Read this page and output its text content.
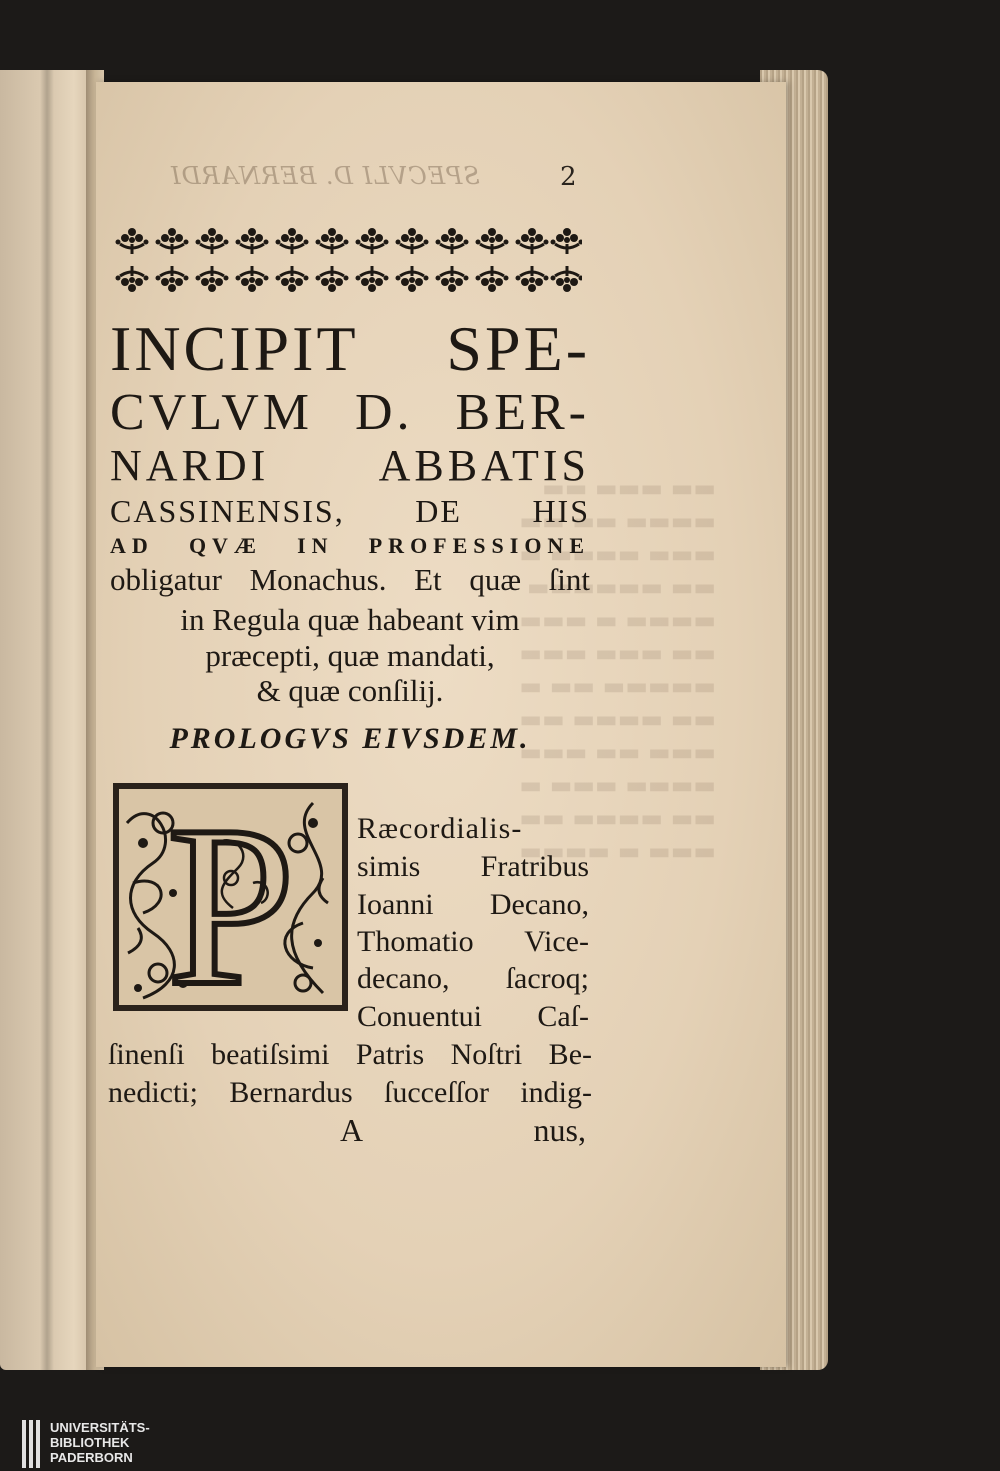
▬▬ ▬▬▬ ▬▬
▬▬▬▬ ▬▬ ▬▬
▬▬▬ ▬▬▬▬ ▬
▬▬ ▬▬▬▬▬▬
▬▬▬▬ ▬ ▬▬▬
▬▬ ▬▬▬ ▬▬▬
▬▬▬▬▬ ▬▬ ▬
▬▬ ▬▬▬▬ ▬▬
▬▬▬ ▬▬ ▬▬▬
▬▬▬▬ ▬▬▬ ▬
▬▬ ▬▬▬▬ ▬▬
▬▬▬ ▬ ▬▬▬▬
SPECVLI D. BERNARDI	2
INCIPIT SPE-
CVLVM D. BER-
NARDI ABBATIS
CASSINENSIS, DE HIS
AD QVÆ IN PROFESSIONE
obligatur Monachus. Et quæ ſint
in Regula quæ habeant vim
præcepti, quæ mandati,
& quæ conſilij.
PROLOGVS EIVSDEM.
P Ræcordialis-
simis Fratribus
Ioanni Decano,
Thomatio Vice-
decano, ſacroq;
Conuentui Caſ-
ſinenſi beatiſsimi Patris Noſtri Be-
nedicti; Bernardus ſucceſſor indig-
A	nus,
UNIVERSITÄTS-
BIBLIOTHEK
PADERBORN
